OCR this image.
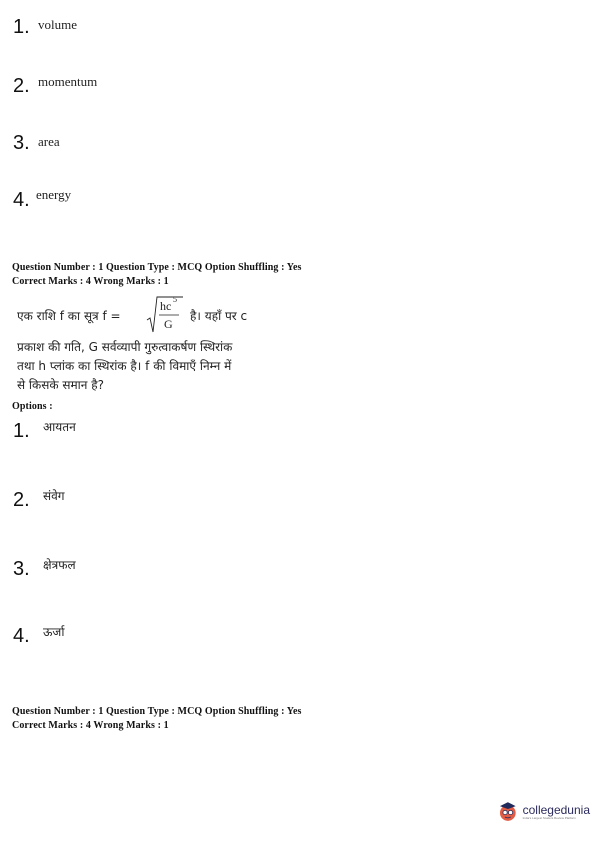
1. volume
2. momentum
3. area
4. energy
Question Number : 1 Question Type : MCQ Option Shuffling : Yes
Correct Marks : 4 Wrong Marks : 1
एक राशि f का सूत्र f =
hc 5
G
है। यहाँ पर c
प्रकाश की गति, G सर्वव्यापी गुरुत्वाकर्षण स्थिरांक
तथा h प्लांक का स्थिरांक है। f की विमाएँ निम्न में
से किसके समान है?
Options :
1. आयतन
2. संवेग
3. क्षेत्रफल
4. ऊर्जा
Question Number : 1 Question Type : MCQ Option Shuffling : Yes
Correct Marks : 4 Wrong Marks : 1
collegedunia
India's Largest Student Review Platform
